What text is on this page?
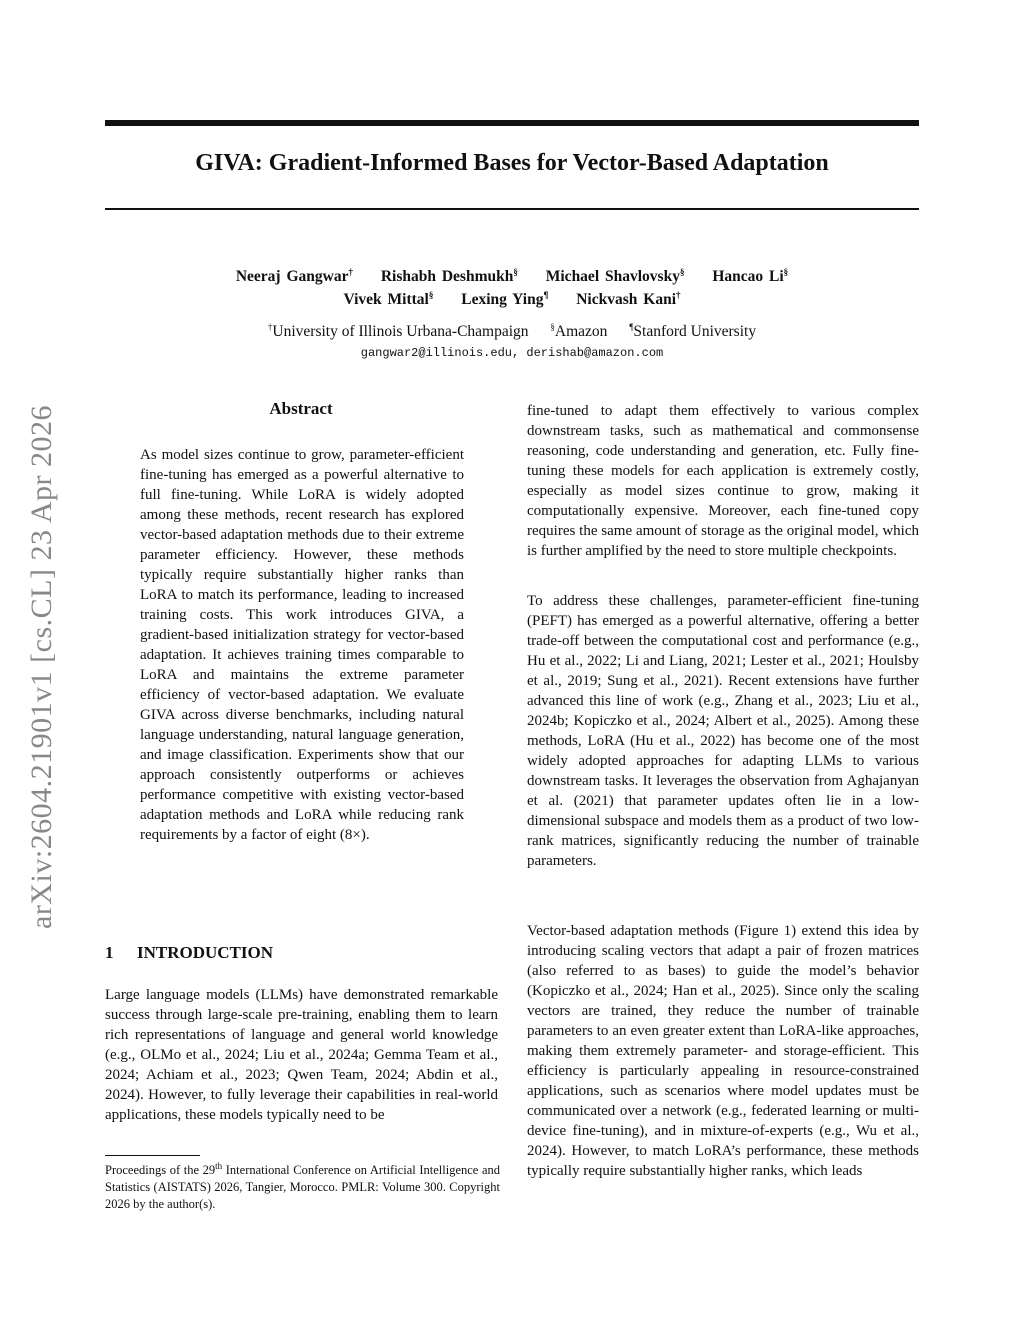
GIVA: Gradient-Informed Bases for Vector-Based Adaptation
Neeraj Gangwar† Rishabh Deshmukh§ Michael Shavlovsky§ Hancao Li§
Vivek Mittal§ Lexing Ying¶ Nickvash Kani†
†University of Illinois Urbana-Champaign §Amazon ¶Stanford University
gangwar2@illinois.edu, derishab@amazon.com
arXiv:2604.21901v1 [cs.CL] 23 Apr 2026	Abstract

As model sizes continue to grow, parameter-efficient fine-tuning has emerged as a powerful alternative to full fine-tuning. While LoRA is widely adopted among these methods, recent research has explored vector-based adaptation methods due to their extreme parameter efficiency. However, these methods typically require substantially higher ranks than LoRA to match its performance, leading to increased training costs. This work introduces GIVA, a gradient-based initialization strategy for vector-based adaptation. It achieves training times comparable to LoRA and maintains the extreme parameter efficiency of vector-based adaptation. We evaluate GIVA across diverse benchmarks, including natural language understanding, natural language generation, and image classification. Experiments show that our approach consistently outperforms or achieves performance competitive with existing vector-based adaptation methods and LoRA while reducing rank requirements by a factor of eight (8×).

1 INTRODUCTION

Large language models (LLMs) have demonstrated remarkable success through large-scale pre-training, enabling them to learn rich representations of language and general world knowledge (e.g., OLMo et al., 2024; Liu et al., 2024a; Gemma Team et al., 2024; Achiam et al., 2023; Qwen Team, 2024; Abdin et al., 2024). However, to fully leverage their capabilities in real-world applications, these models typically need to be

Proceedings of the 29th International Conference on Artificial Intelligence and Statistics (AISTATS) 2026, Tangier, Morocco. PMLR: Volume 300. Copyright 2026 by the author(s).

fine-tuned to adapt them effectively to various complex downstream tasks, such as mathematical and commonsense reasoning, code understanding and generation, etc. Fully fine-tuning these models for each application is extremely costly, especially as model sizes continue to grow, making it computationally expensive. Moreover, each fine-tuned copy requires the same amount of storage as the original model, which is further amplified by the need to store multiple checkpoints.

To address these challenges, parameter-efficient fine-tuning (PEFT) has emerged as a powerful alternative, offering a better trade-off between the computational cost and performance (e.g., Hu et al., 2022; Li and Liang, 2021; Lester et al., 2021; Houlsby et al., 2019; Sung et al., 2021). Recent extensions have further advanced this line of work (e.g., Zhang et al., 2023; Liu et al., 2024b; Kopiczko et al., 2024; Albert et al., 2025). Among these methods, LoRA (Hu et al., 2022) has become one of the most widely adopted approaches for adapting LLMs to various downstream tasks. It leverages the observation from Aghajanyan et al. (2021) that parameter updates often lie in a low-dimensional subspace and models them as a product of two low-rank matrices, significantly reducing the number of trainable parameters.

Vector-based adaptation methods (Figure 1) extend this idea by introducing scaling vectors that adapt a pair of frozen matrices (also referred to as bases) to guide the model’s behavior (Kopiczko et al., 2024; Han et al., 2025). Since only the scaling vectors are trained, they reduce the number of trainable parameters to an even greater extent than LoRA-like approaches, making them extremely parameter- and storage-efficient. This efficiency is particularly appealing in resource-constrained applications, such as scenarios where model updates must be communicated over a network (e.g., federated learning or multi-device fine-tuning), and in mixture-of-experts (e.g., Wu et al., 2024). However, to match LoRA’s performance, these methods typically require substantially higher ranks, which leads
